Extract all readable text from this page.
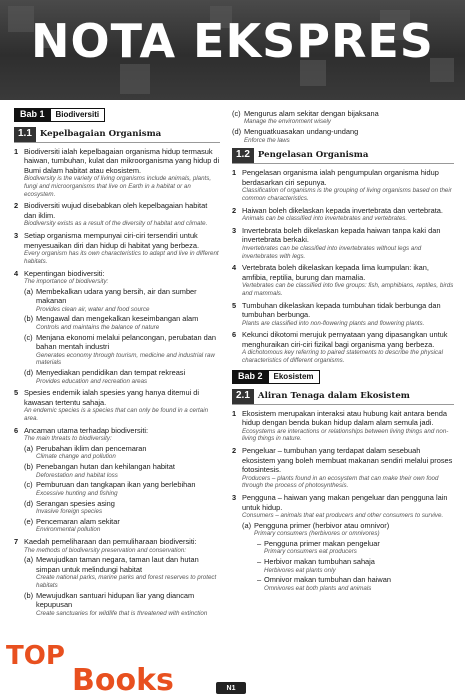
NOTA EKSPRES
Bab 1	Biodiversiti
1.1 Kepelbagaian Organisma
1 Biodiversiti ialah kepelbagaian organisma hidup termasuk haiwan, tumbuhan, kulat dan mikroorganisma yang hidup di Bumi dalam habitat atau ekosistem.
Biodiversity is the variety of living organisms include animals, plants, fungi and microorganisms that live on Earth in a habitat or an ecosystem.
2 Biodiversiti wujud disebabkan oleh kepelbagaian habitat dan iklim.
Biodiversity exists as a result of the diversity of habitat and climate.
3 Setiap organisma mempunyai ciri-ciri tersendiri untuk menyesuaikan diri dan hidup di habitat yang berbeza.
Every organism has its own characteristics to adapt and live in different habitats.
4 Kepentingan biodiversiti:
The importance of biodiversity:
(a) Membekalkan udara yang bersih, air dan sumber makanan
Provides clean air, water and food source
(b) Mengawal dan mengekalkan keseimbangan alam
Controls and maintains the balance of nature
(c) Menjana ekonomi melalui pelancongan, perubatan dan bahan mentah industri
Generates economy through tourism, medicine and industrial raw materials
(d) Menyediakan pendidikan dan tempat rekreasi
Provides education and recreation areas
5 Spesies endemik ialah spesies yang hanya ditemui di kawasan tertentu sahaja.
An endemic species is a species that can only be found in a certain area.
6 Ancaman utama terhadap biodiversiti:
The main threats to biodiversity:
(a) Perubahan iklim dan pencemaran
Climate change and pollution
(b) Penebangan hutan dan kehilangan habitat
Deforestation and habitat loss
(c) Pemburuan dan tangkapan ikan yang berlebihan
Excessive hunting and fishing
(d) Serangan spesies asing
Invasive foreign species
(e) Pencemaran alam sekitar
Environmental pollution
7 Kaedah pemeliharaan dan pemuliharaan biodiversiti:
The methods of biodiversity preservation and conservation:
(a) Mewujudkan taman negara, taman laut dan hutan simpan untuk melindungi habitat
Create national parks, marine parks and forest reserves to protect habitats
(b) Mewujudkan santuari hidupan liar yang diancam kepupusan
Create sanctuaries for wildlife that is threatened with extinction
(c) Mengurus alam sekitar dengan bijaksana
Manage the environment wisely
(d) Menguatkuasakan undang-undang
Enforce the laws
1.2 Pengelasan Organisma
1 Pengelasan organisma ialah pengumpulan organisma hidup berdasarkan ciri sepunya.
Classification of organisms is the grouping of living organisms based on their common characteristics.
2 Haiwan boleh dikelaskan kepada invertebrata dan vertebrata.
Animals can be classified into invertebrates and vertebrates.
3 Invertebrata boleh dikelaskan kepada haiwan tanpa kaki dan invertebrata berkaki.
Invertebrates can be classified into invertebrates without legs and invertebrates with legs.
4 Vertebrata boleh dikelaskan kepada lima kumpulan: ikan, amfibia, reptilia, burung dan mamalia.
Vertebrates can be classified into five groups: fish, amphibians, reptiles, birds and mammals.
5 Tumbuhan dikelaskan kepada tumbuhan tidak berbunga dan tumbuhan berbunga.
Plants are classified into non-flowering plants and flowering plants.
6 Kekunci dikotomi merujuk pernyataan yang dipasangkan untuk menghuraikan ciri-ciri fizikal bagi organisma yang berbeza.
A dichotomous key referring to paired statements to describe the physical characteristics of different organisms.
Bab 2	Ekosistem
2.1 Aliran Tenaga dalam Ekosistem
1 Ekosistem merupakan interaksi atau hubung kait antara benda hidup dengan benda bukan hidup dalam alam semula jadi.
Ecosystems are interactions or relationships between living things and non-living things in nature.
2 Pengeluar – tumbuhan yang terdapat dalam sesebuah ekosistem yang boleh membuat makanan sendiri melalui proses fotosintesis.
Producers – plants found in an ecosystem that can make their own food through the process of photosynthesis.
3 Pengguna – haiwan yang makan pengeluar dan pengguna lain untuk hidup.
Consumers – animals that eat producers and other consumers to survive.
(a) Pengguna primer (herbivor atau omnivor)
Primary consumers (herbivores or omnivores)
– Pengguna primer makan pengeluar
Primary consumers eat producers
– Herbivor makan tumbuhan sahaja
Herbivores eat plants only
– Omnivor makan tumbuhan dan haiwan
Omnivores eat both plants and animals
N1
TOP
Books
